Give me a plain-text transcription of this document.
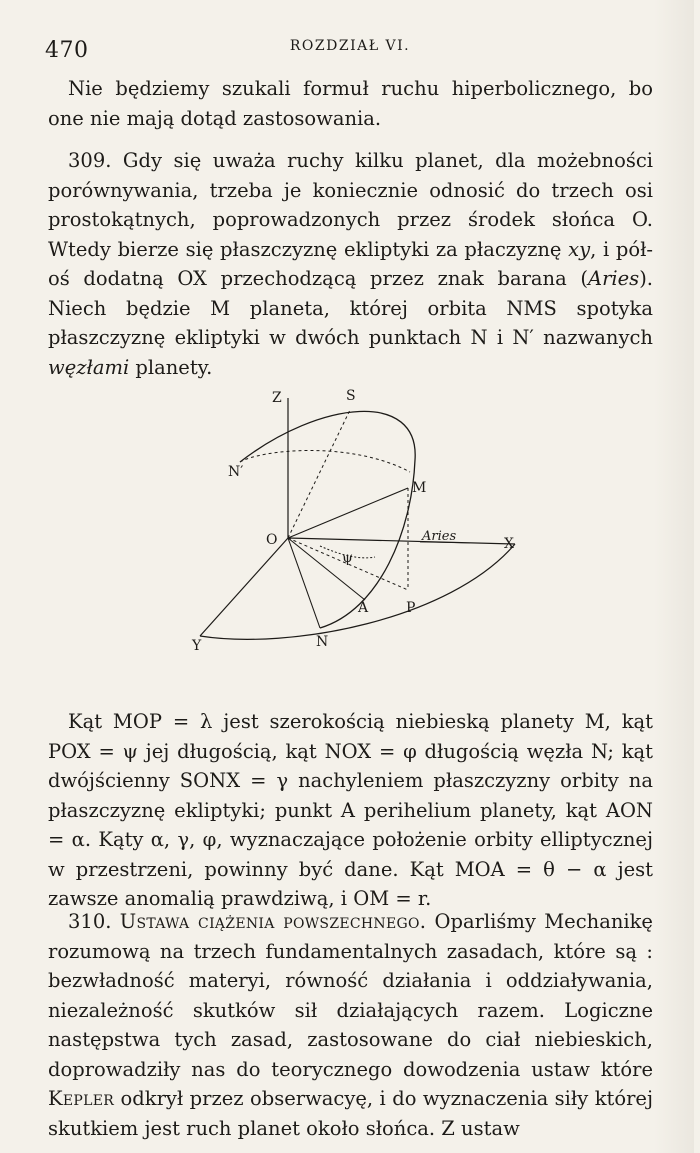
470	ROZDZIAŁ VI.
Nie będziemy szukali formuł ruchu hiperbolicznego, bo one nie mają dotąd zastosowania.
309. Gdy się uważa ruchy kilku planet, dla możebności porównywania, trzeba je koniecznie odnosić do trzech osi prostokątnych, poprowadzonych przez środek słońca O. Wtedy bierze się płaszczyznę ekliptyki za płaczyznę xy, i pół-oś dodatną OX przechodzącą przez znak barana (Aries). Niech będzie M planeta, której orbita NMS spotyka płaszczyznę ekliptyki w dwóch punktach N i N′ nazwanych węzłami planety.
Z	S
N′
M
O	Aries	X
ψ
A	P
Y	N
Kąt MOP = λ jest szerokością niebieską planety M, kąt POX = ψ jej długością, kąt NOX = φ długością węzła N; kąt dwójścienny SONX = γ nachyleniem płaszczyzny orbity na płaszczyznę ekliptyki; punkt A perihelium planety, kąt AON = α. Kąty α, γ, φ, wyznaczające położenie orbity elliptycznej w przestrzeni, powinny być dane. Kąt MOA = θ − α jest zawsze anomalią prawdziwą, i OM = r.
310. Ustawa ciążenia powszechnego. Oparliśmy Mechanikę rozumową na trzech fundamentalnych zasadach, które są : bezwładność materyi, równość działania i oddziaływania, niezależność skutków sił działających razem. Logiczne następstwa tych zasad, zastosowane do ciał niebieskich, doprowadziły nas do teorycznego dowodzenia ustaw które Kepler odkrył przez obserwacyę, i do wyznaczenia siły której skutkiem jest ruch planet około słońca. Z ustaw
